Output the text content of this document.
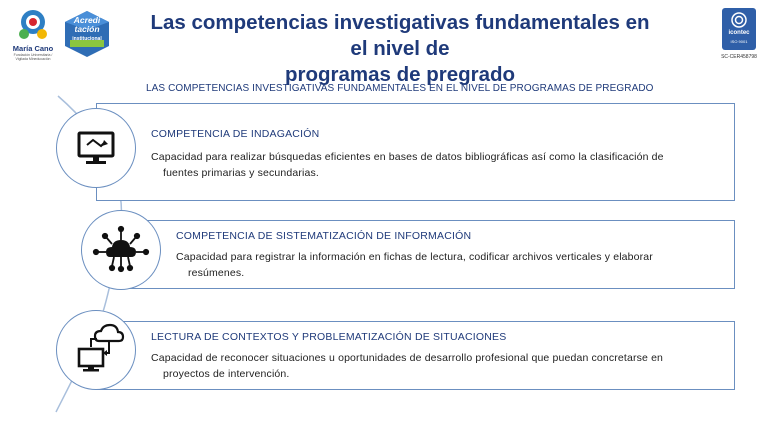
María Cano
Fundación Universitaria / Vigilada Mineducación
Acredi
tación
institucional
Las competencias investigativas fundamentales en el nivel de
programas de pregrado
icontec
ISO 9001
SC-CER458798
LAS COMPETENCIAS INVESTIGATIVAS FUNDAMENTALES EN EL NIVEL DE PROGRAMAS DE PREGRADO
COMPETENCIA DE INDAGACIÓN
Capacidad para realizar búsquedas eficientes en bases de datos bibliográficas así como la clasificación de
fuentes primarias y secundarias.
COMPETENCIA DE SISTEMATIZACIÓN DE INFORMACIÓN
Capacidad para registrar la información en fichas de lectura, codificar archivos verticales y elaborar
resúmenes.
LECTURA DE CONTEXTOS Y PROBLEMATIZACIÓN DE SITUACIONES
Capacidad de reconocer situaciones u oportunidades de desarrollo profesional que puedan concretarse en
proyectos de intervención.
